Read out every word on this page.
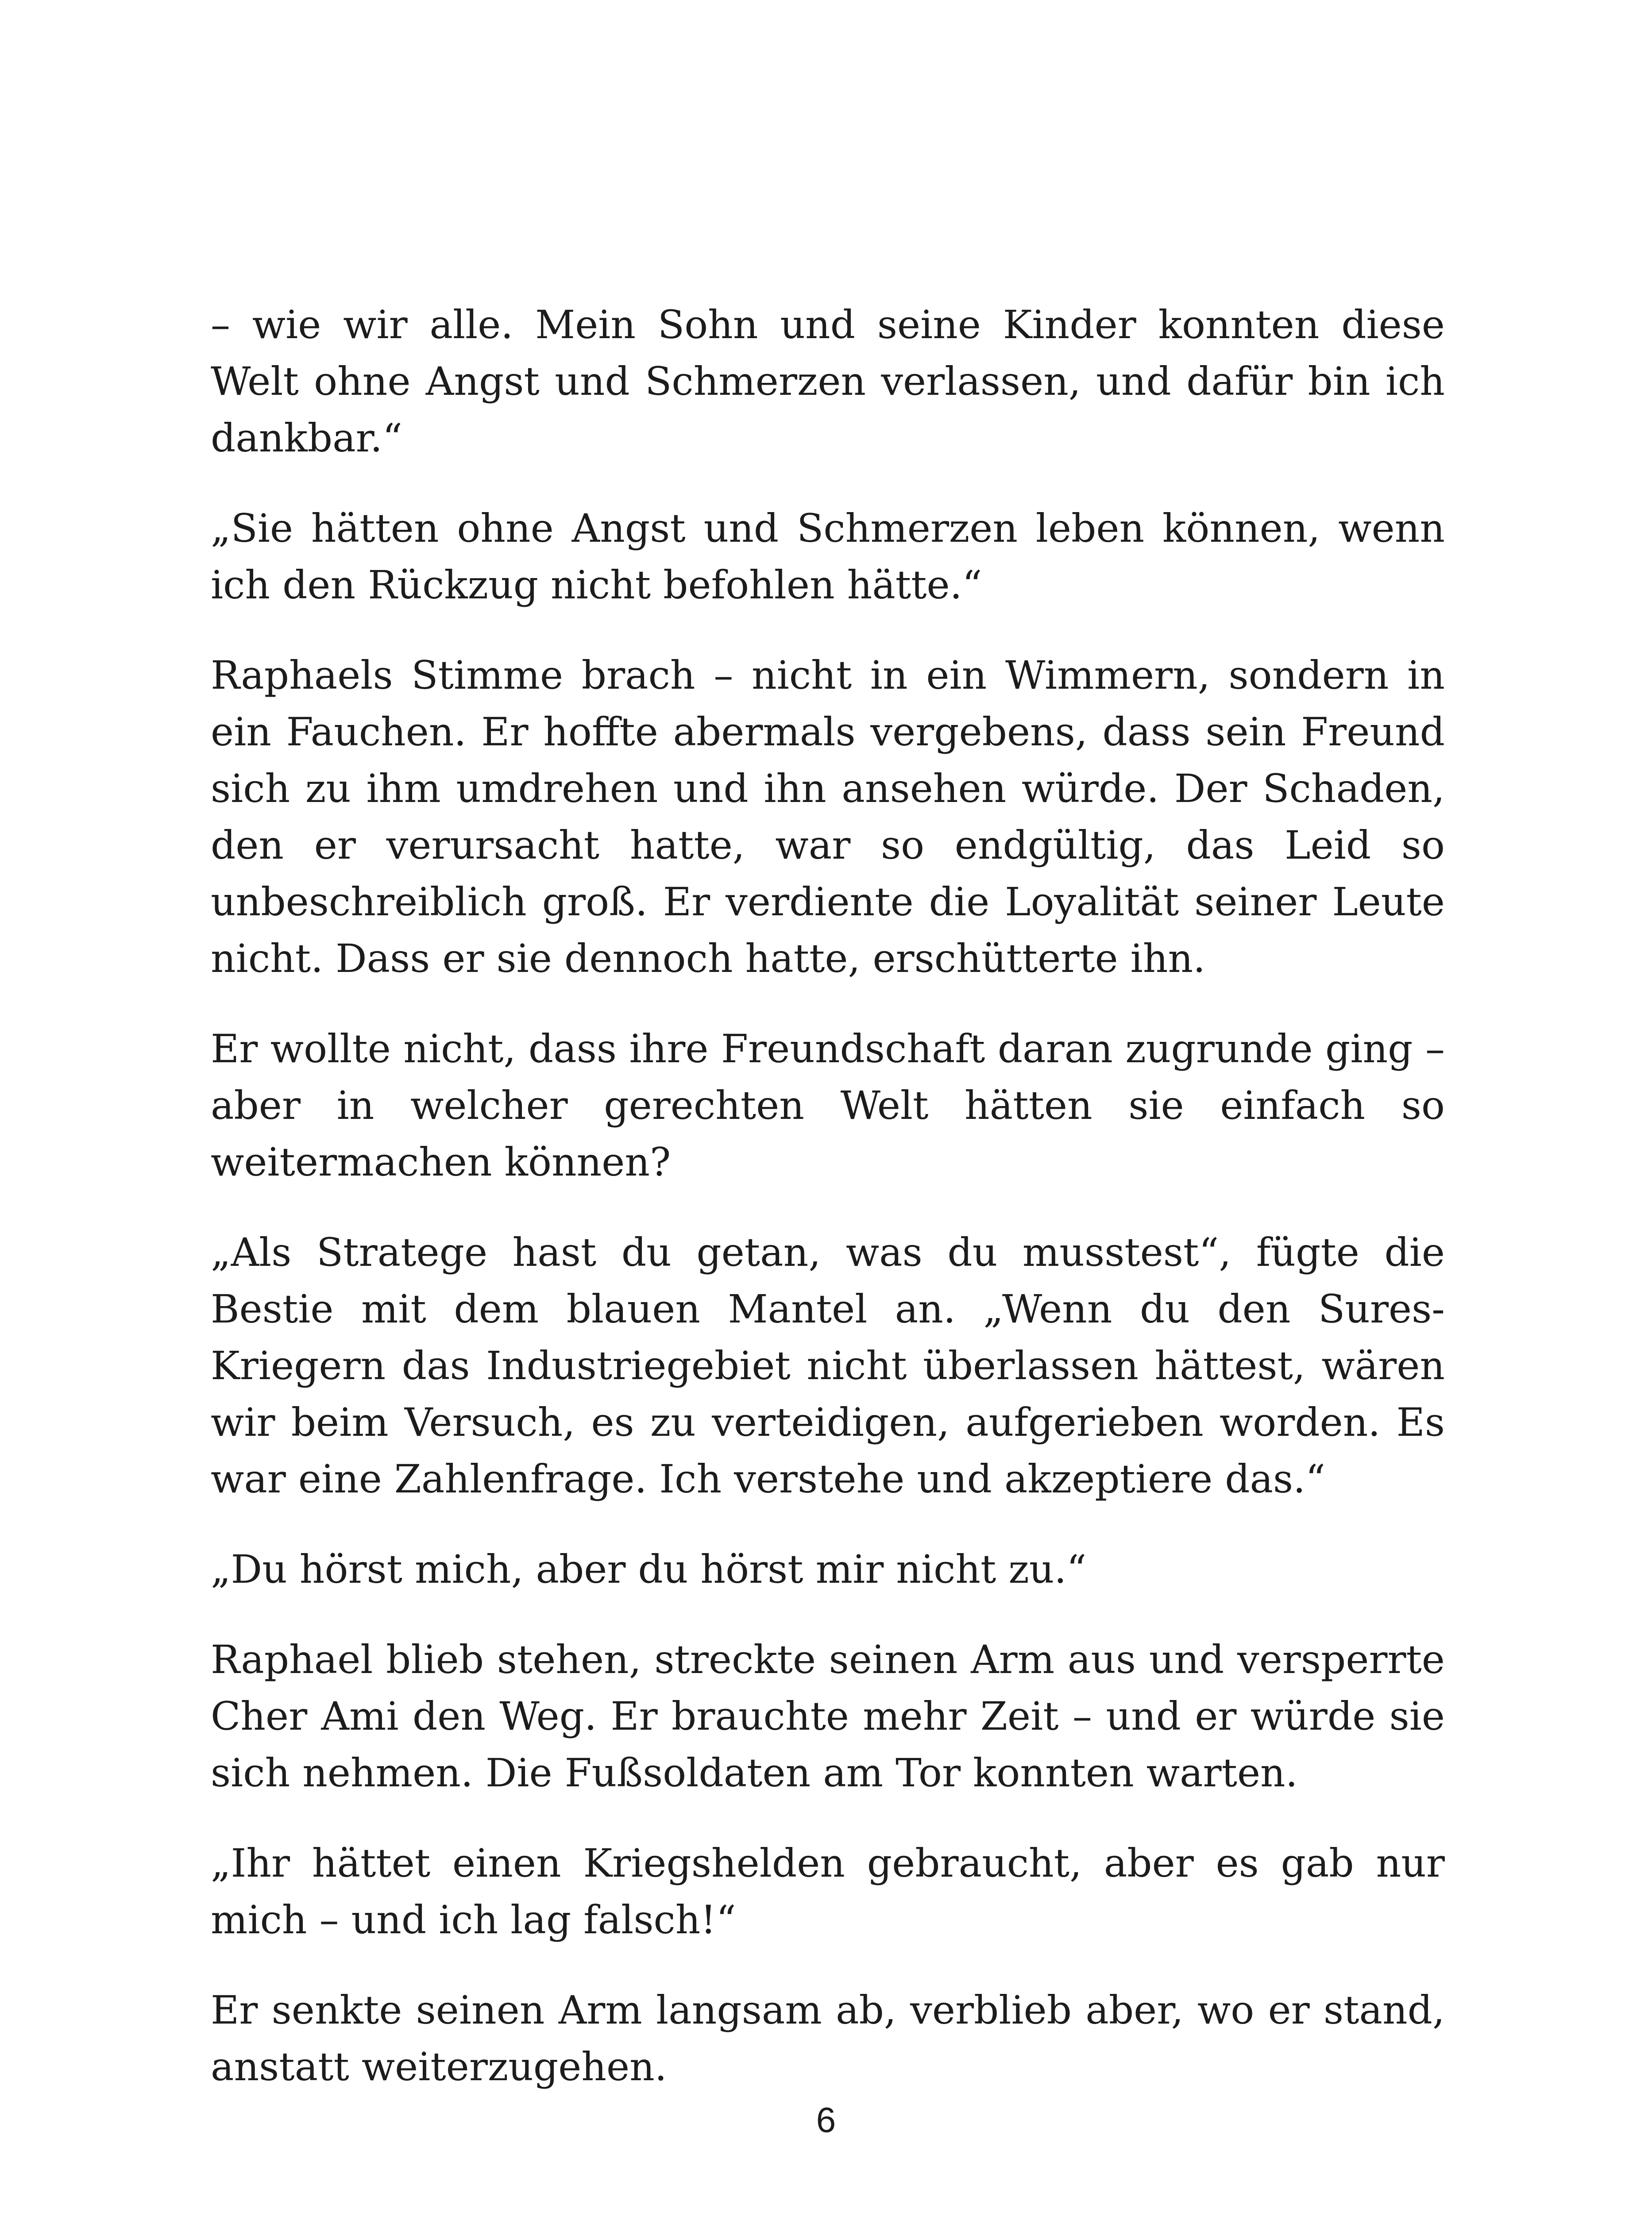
– wie wir alle. Mein Sohn und seine Kinder konnten diese Welt ohne Angst und Schmerzen verlassen, und dafür bin ich dankbar.“

„Sie hätten ohne Angst und Schmerzen leben können, wenn ich den Rückzug nicht befohlen hätte.“

Raphaels Stimme brach – nicht in ein Wimmern, sondern in ein Fauchen. Er hoffte abermals vergebens, dass sein Freund sich zu ihm umdrehen und ihn ansehen würde. Der Schaden, den er verursacht hatte, war so endgültig, das Leid so unbeschreiblich groß. Er verdiente die Loyalität seiner Leute nicht. Dass er sie dennoch hatte, erschütterte ihn.

Er wollte nicht, dass ihre Freundschaft daran zugrunde ging – aber in welcher gerechten Welt hätten sie einfach so weitermachen können?

„Als Stratege hast du getan, was du musstest“, fügte die Bestie mit dem blauen Mantel an. „Wenn du den Sures-Kriegern das Industriegebiet nicht überlassen hättest, wären wir beim Versuch, es zu verteidigen, aufgerieben worden. Es war eine Zahlenfrage. Ich verstehe und akzeptiere das.“

„Du hörst mich, aber du hörst mir nicht zu.“

Raphael blieb stehen, streckte seinen Arm aus und versperrte Cher Ami den Weg. Er brauchte mehr Zeit – und er würde sie sich nehmen. Die Fußsoldaten am Tor konnten warten.

„Ihr hättet einen Kriegshelden gebraucht, aber es gab nur mich – und ich lag falsch!“

Er senkte seinen Arm langsam ab, verblieb aber, wo er stand, anstatt weiterzugehen.

6
